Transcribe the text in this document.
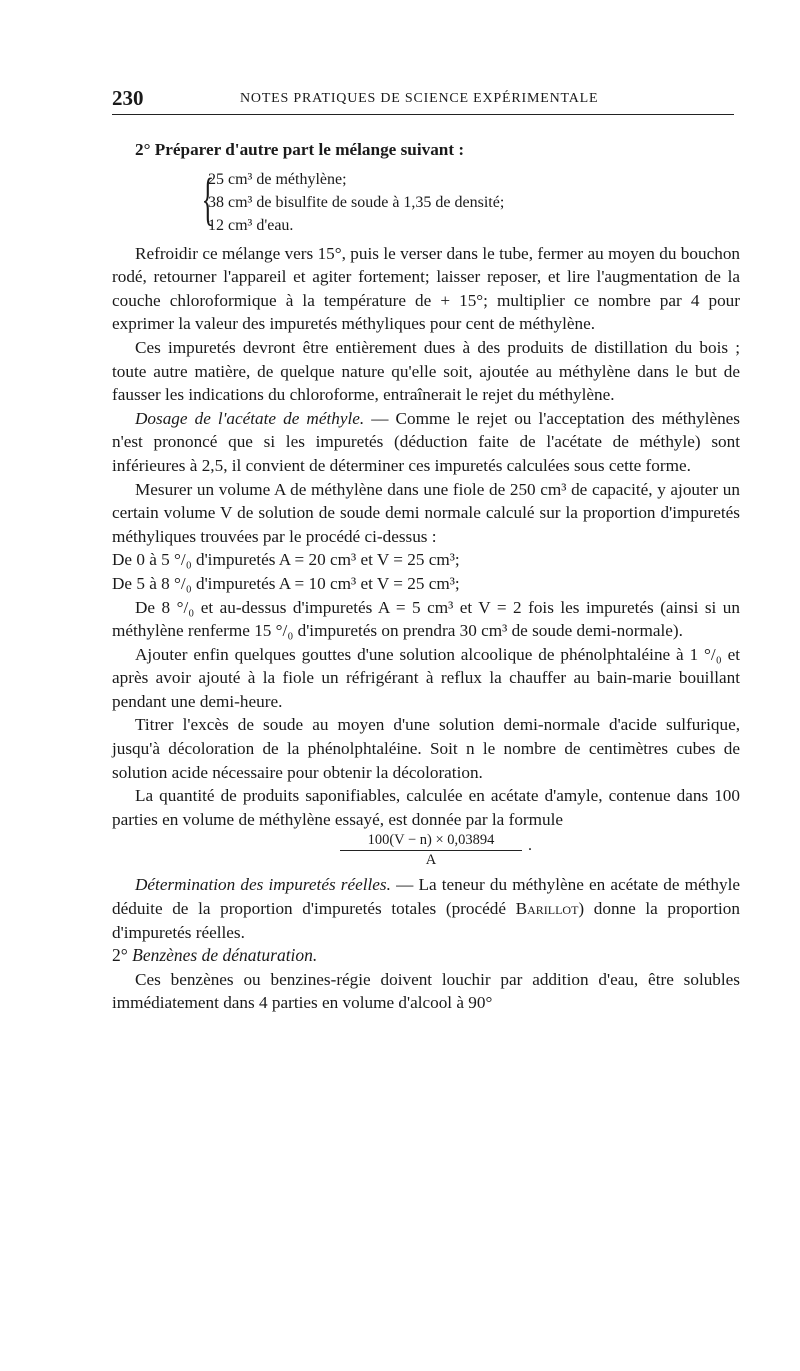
230	NOTES PRATIQUES DE SCIENCE EXPÉRIMENTALE

2° Préparer d'autre part le mélange suivant :

{
25 cm³ de méthylène;
38 cm³ de bisulfite de soude à 1,35 de densité;
12 cm³ d'eau.

Refroidir ce mélange vers 15°, puis le verser dans le tube, fermer au moyen du bouchon rodé, retourner l'appareil et agiter fortement; laisser reposer, et lire l'augmentation de la couche chloroformique à la température de + 15°; multiplier ce nombre par 4 pour exprimer la valeur des impuretés méthyliques pour cent de méthylène.

Ces impuretés devront être entièrement dues à des produits de distillation du bois ; toute autre matière, de quelque nature qu'elle soit, ajoutée au méthylène dans le but de fausser les indications du chloroforme, entraînerait le rejet du méthylène.

Dosage de l'acétate de méthyle. — Comme le rejet ou l'acceptation des méthylènes n'est prononcé que si les impuretés (déduction faite de l'acétate de méthyle) sont inférieures à 2,5, il convient de déterminer ces impuretés calculées sous cette forme.

Mesurer un volume A de méthylène dans une fiole de 250 cm³ de capacité, y ajouter un certain volume V de solution de soude demi normale calculé sur la proportion d'impuretés méthyliques trouvées par le procédé ci-dessus :

De 0 à 5 °/₀ d'impuretés A = 20 cm³ et V = 25 cm³;

De 5 à 8 °/₀ d'impuretés A = 10 cm³ et V = 25 cm³;

De 8 °/₀ et au-dessus d'impuretés A = 5 cm³ et V = 2 fois les impuretés (ainsi si un méthylène renferme 15 °/₀ d'impuretés on prendra 30 cm³ de soude demi-normale).

Ajouter enfin quelques gouttes d'une solution alcoolique de phénolphtaléine à 1 °/₀ et après avoir ajouté à la fiole un réfrigérant à reflux la chauffer au bain-marie bouillant pendant une demi-heure.

Titrer l'excès de soude au moyen d'une solution demi-normale d'acide sulfurique, jusqu'à décoloration de la phénolphtaléine. Soit n le nombre de centimètres cubes de solution acide nécessaire pour obtenir la décoloration.

La quantité de produits saponifiables, calculée en acétate d'amyle, contenue dans 100 parties en volume de méthylène essayé, est donnée par la formule

100(V − n) × 0,03894
A
.

Détermination des impuretés réelles. — La teneur du méthylène en acétate de méthyle déduite de la proportion d'impuretés totales (procédé Barillot) donne la proportion d'impuretés réelles.

2° Benzènes de dénaturation.

Ces benzènes ou benzines-régie doivent louchir par addition d'eau, être solubles immédiatement dans 4 parties en volume d'alcool à 90°
